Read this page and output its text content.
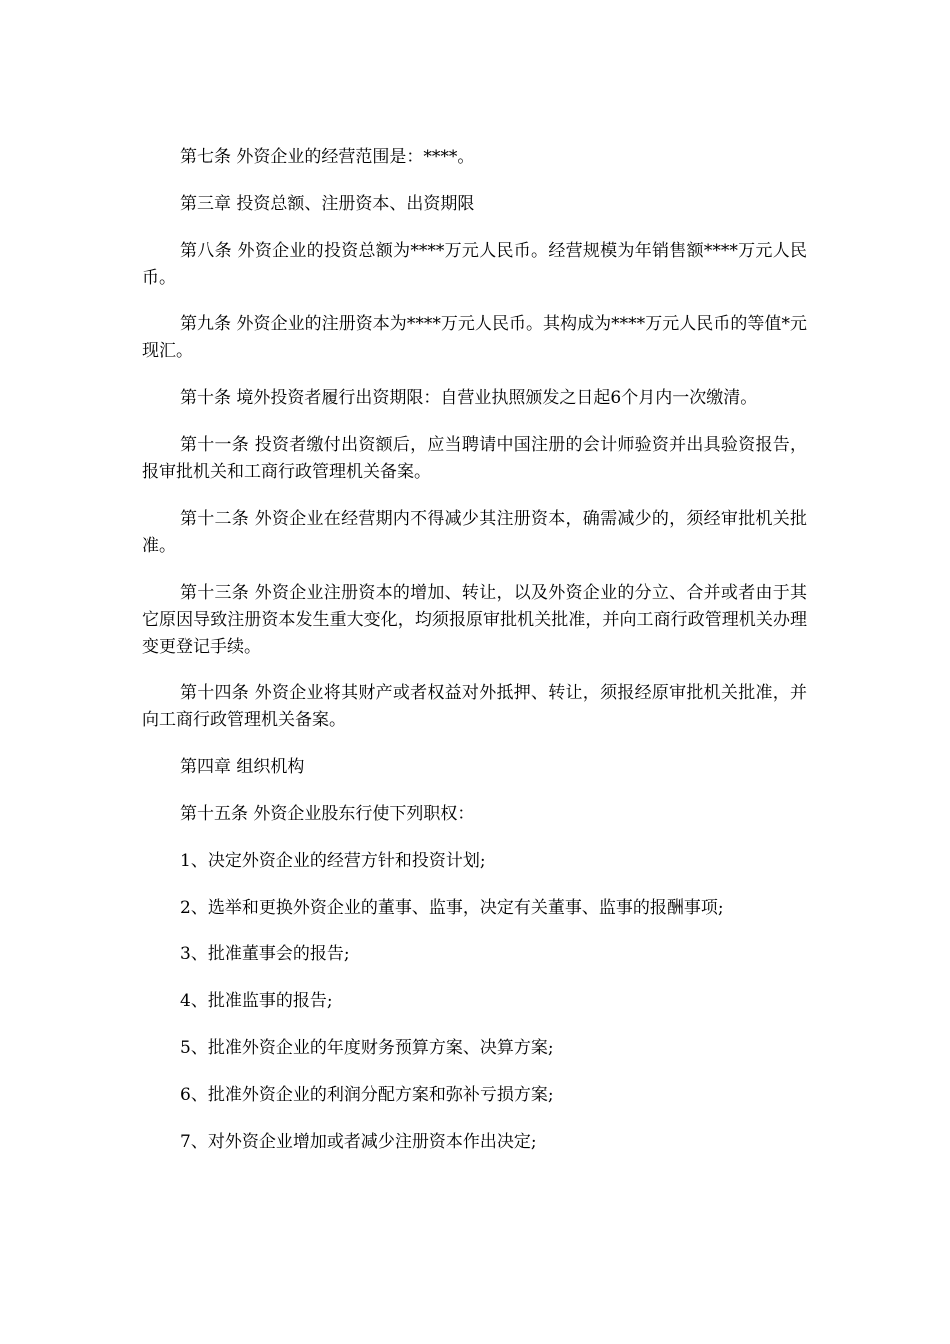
第七条 外资企业的经营范围是：****。

第三章 投资总额、注册资本、出资期限

第八条 外资企业的投资总额为****万元人民币。经营规模为年销售额****万元人民币。

第九条 外资企业的注册资本为****万元人民币。其构成为****万元人民币的等值*元现汇。

第十条 境外投资者履行出资期限：自营业执照颁发之日起6个月内一次缴清。

第十一条 投资者缴付出资额后，应当聘请中国注册的会计师验资并出具验资报告，报审批机关和工商行政管理机关备案。

第十二条 外资企业在经营期内不得减少其注册资本，确需减少的，须经审批机关批准。

第十三条 外资企业注册资本的增加、转让，以及外资企业的分立、合并或者由于其它原因导致注册资本发生重大变化，均须报原审批机关批准，并向工商行政管理机关办理变更登记手续。

第十四条 外资企业将其财产或者权益对外抵押、转让，须报经原审批机关批准，并向工商行政管理机关备案。

第四章 组织机构

第十五条 外资企业股东行使下列职权：

1、决定外资企业的经营方针和投资计划;

2、选举和更换外资企业的董事、监事，决定有关董事、监事的报酬事项;

3、批准董事会的报告;

4、批准监事的报告;

5、批准外资企业的年度财务预算方案、决算方案;

6、批准外资企业的利润分配方案和弥补亏损方案;

7、对外资企业增加或者减少注册资本作出决定;
